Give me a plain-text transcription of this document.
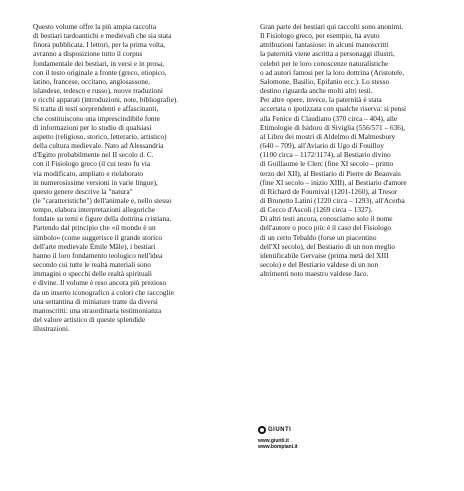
Questo volume offre la più ampia raccolta
di bestiari tardoantichi e medievali che sia stata
finora pubblicata. I lettori, per la prima volta,
avranno a disposizione tutto il corpus
fondamentale dei bestiari, in versi e in prosa,
con il testo originale a fronte (greco, etiopico,
latino, francese, occitano, anglosassone,
islandese, tedesco e russo), nuove traduzioni
e ricchi apparati (introduzioni, note, bibliografie).

Si tratta di testi sorprendenti e affascinanti,
che costituiscono una imprescindibile fonte
di informazioni per lo studio di qualsiasi
aspetto (religioso, storico, letterario, artistico)
della cultura medievale. Nato ad Alessandria
d'Egitto probabilmente nel II secolo d. C.
con il Fisiologo greco (il cui testo fu via
via modificato, ampliato e rielaborato
in numerosissime versioni in varie lingue),
questo genere descrive la "natura"
(le "caratteristiche") dell'animale e, nello stesso
tempo, elabora interpretazioni allegoriche
fondate su temi e figure della dottrina cristiana.
Partendo dal principio che «il mondo è un
simbolo» (come suggerisce il grande storico
dell'arte medievale Émile Mâle), i bestiari
hanno il loro fondamento teologico nell'idea
secondo cui tutte le realtà materiali sono
immagini o specchi delle realtà spirituali
e divine. Il volume è reso ancora più prezioso
da un inserto iconografico a colori che raccoglie
una settantina di miniature tratte da diversi
manoscritti: una straordinaria testimonianza
del valore artistico di queste splendide
illustrazioni.

Gran parte dei bestiari qui raccolti sono anonimi.
Il Fisiologo greco, per esempio, ha avuto
attribuzioni fantasiose: in alcuni manoscritti
la paternità viene ascritta a personaggi illustri,
celebri per le loro conoscenze naturalistiche
o ad autori famosi per la loro dottrina (Aristotele,
Salomone, Basilio, Epifanio ecc.). Lo stesso
destino riguarda anche molti altri testi.

Per altre opere, invece, la paternità è stata
accertata o ipotizzata con qualche riserva: si pensi
alla Fenice di Claudiano (370 circa – 404), alle
Etimologie di Isidoro di Siviglia (556/571 – 636),
al Libro dei mostri di Aldelmo di Malmesbury
(640 – 709), all'Aviario di Ugo di Fouilloy
(1100 circa – 1172/1174), al Bestiario divino
di Guillaume le Clerc (fine XI secolo – primo
terzo del XII), al Bestiario di Pierre de Beauvais
(fine XI secolo – inizio XIII), al Bestiario d'amore
di Richard de Fournival (1201-1260), al Tresor
di Brunetto Latini (1220 circa – 1293), all'Acerba
di Cecco d'Ascoli (1269 circa – 1327).

Di altri testi ancora, conosciamo solo il nome
dell'autore o poco più: è il caso del Fisiologo
di un certo Tebaldo (forse un piacentino
dell'XI secolo), del Bestiario di un non meglio
identificabile Gervaise (prima metà del XIII
secolo) e del Bestiario valdese di un non
altrimenti noto maestro valdese Jaco.

GIUNTI
www.giunti.it
www.bompiani.it
